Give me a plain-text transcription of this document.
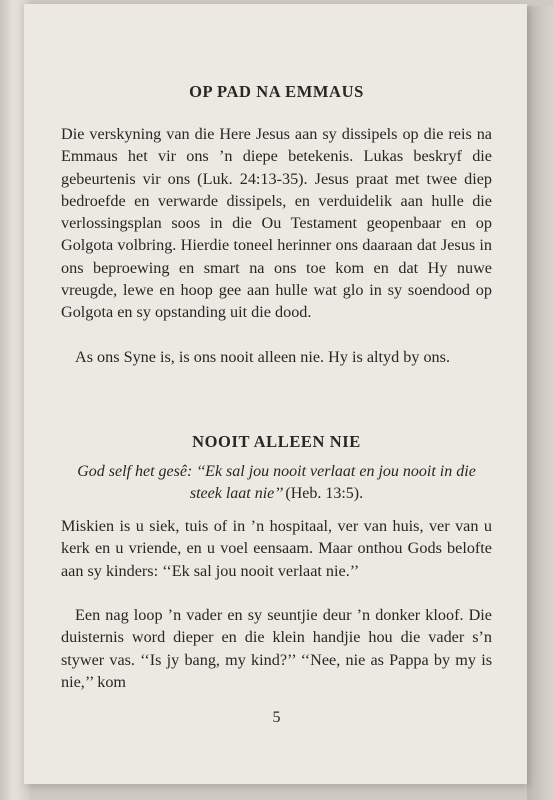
OP PAD NA EMMAUS
Die verskyning van die Here Jesus aan sy dissipels op die reis na Emmaus het vir ons ’n diepe betekenis. Lukas beskryf die gebeurtenis vir ons (Luk. 24:13-35). Jesus praat met twee diep bedroefde en verwarde dissipels, en verduidelik aan hulle die verlossingsplan soos in die Ou Testament geopenbaar en op Golgota volbring. Hierdie toneel herinner ons daaraan dat Jesus in ons beproewing en smart na ons toe kom en dat Hy nuwe vreugde, lewe en hoop gee aan hulle wat glo in sy soendood op Golgota en sy opstanding uit die dood.
As ons Syne is, is ons nooit alleen nie. Hy is altyd by ons.
NOOIT ALLEEN NIE
God self het gesê: ‘‘Ek sal jou nooit verlaat en jou nooit in die steek laat nie’’ (Heb. 13:5).
Miskien is u siek, tuis of in ’n hospitaal, ver van huis, ver van u kerk en u vriende, en u voel eensaam. Maar onthou Gods belofte aan sy kinders: ‘‘Ek sal jou nooit verlaat nie.’’
Een nag loop ’n vader en sy seuntjie deur ’n donker kloof. Die duisternis word dieper en die klein handjie hou die vader s’n stywer vas. ‘‘Is jy bang, my kind?’’ ‘‘Nee, nie as Pappa by my is nie,’’ kom
5
